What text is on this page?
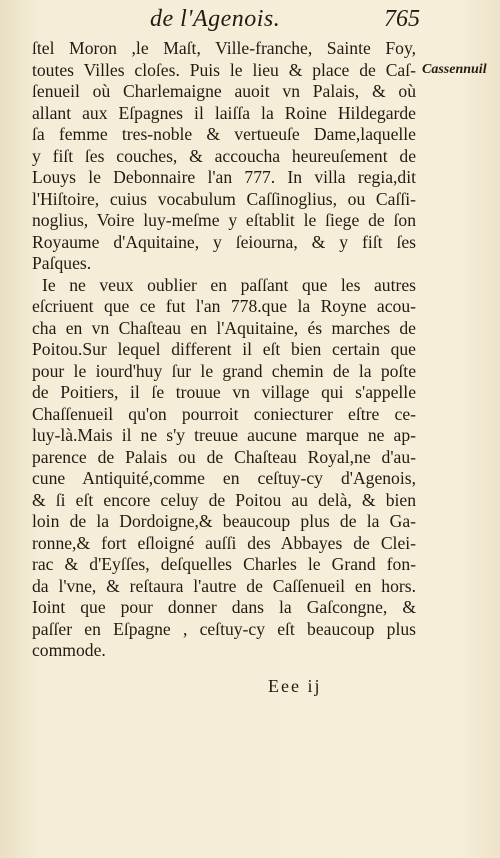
de l'Agenois.	765
Cassennuil
ſtel Moron ,le Maſt, Ville-franche, Sainte Foy,
toutes Villes cloſes. Puis le lieu & place de Caſ-
ſenueil où Charlemaigne auoit vn Palais, & où
allant aux Eſpagnes il laiſſa la Roine Hildegarde
ſa femme tres-noble & vertueuſe Dame,laquelle
y fiſt ſes couches, & accoucha heureuſement de
Louys le Debonnaire l'an 777. In villa regia,dit
l'Hiſtoire, cuius vocabulum Caſſinoglius, ou Caſſi-
noglius, Voire luy-meſme y eſtablit le ſiege de ſon
Royaume d'Aquitaine, y ſeiourna, & y fiſt ſes
Paſques.
Ie ne veux oublier en paſſant que les autres
eſcriuent que ce fut l'an 778.que la Royne acou-
cha en vn Chaſteau en l'Aquitaine, és marches de
Poitou.Sur lequel different il eſt bien certain que
pour le iourd'huy ſur le grand chemin de la poſte
de Poitiers, il ſe trouue vn village qui s'appelle
Chaſſenueil qu'on pourroit coniecturer eſtre ce-
luy-là.Mais il ne s'y treuue aucune marque ne ap-
parence de Palais ou de Chaſteau Royal,ne d'au-
cune Antiquité,comme en ceſtuy-cy d'Agenois,
& ſi eſt encore celuy de Poitou au delà, & bien
loin de la Dordoigne,& beaucoup plus de la Ga-
ronne,& fort eſloigné auſſi des Abbayes de Clei-
rac & d'Eyſſes, deſquelles Charles le Grand fon-
da l'vne, & reſtaura l'autre de Caſſenueil en hors.
Ioint que pour donner dans la Gaſcongne, &
paſſer en Eſpagne , ceſtuy-cy eſt beaucoup plus
commode.
Eee ij
